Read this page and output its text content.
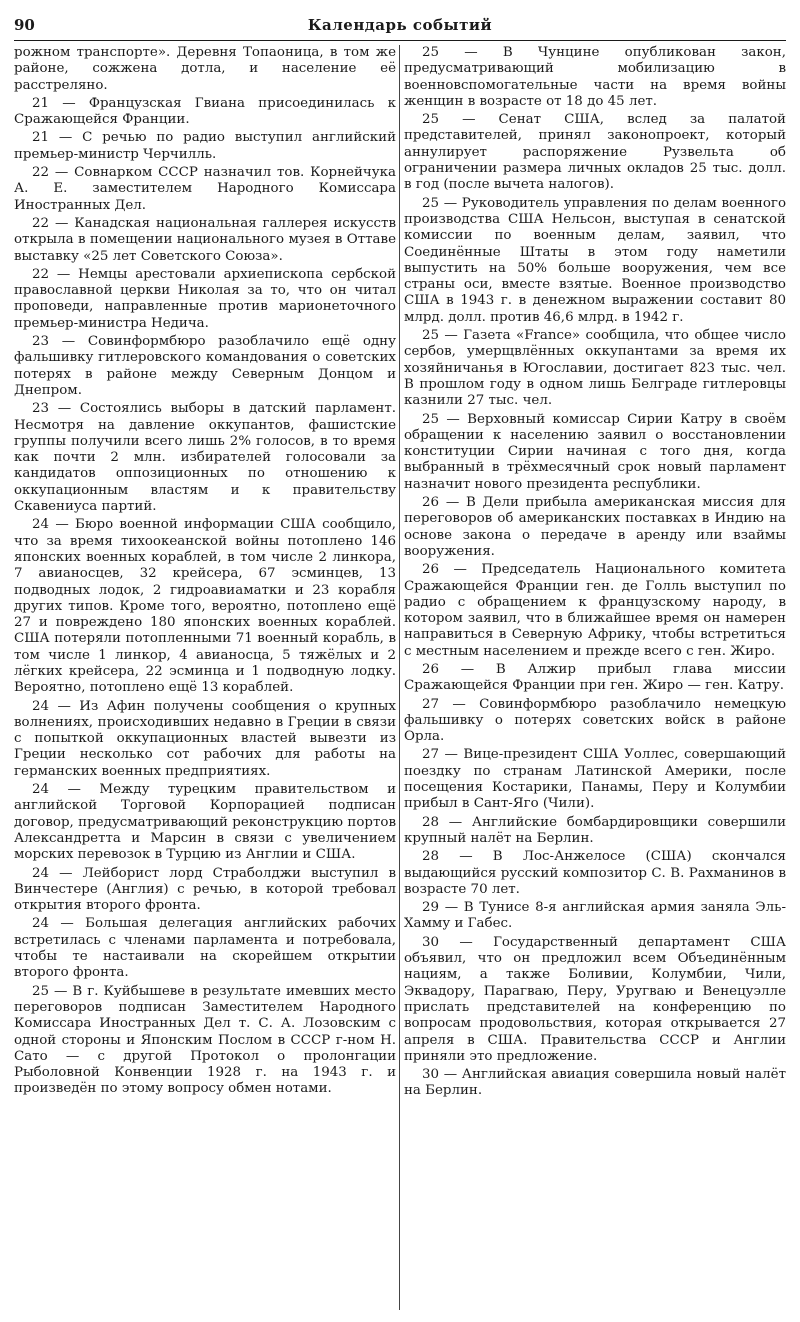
90	Календарь событий

рожном транспорте». Деревня Топаоница, в том же районе, сожжена дотла, и население её расстреляно.

21 — Французская Гвиана присоединилась к Сражающейся Франции.

21 — С речью по радио выступил английский премьер-министр Черчилль.

22 — Совнарком СССР назначил тов. Корнейчука А. Е. заместителем Народного Комиссара Иностранных Дел.

22 — Канадская национальная галлерея искусств открыла в помещении национального музея в Оттаве выставку «25 лет Советского Союза».

22 — Немцы арестовали архиепископа сербской православной церкви Николая за то, что он читал проповеди, направленные против марионеточного премьер-министра Недича.

23 — Совинформбюро разоблачило ещё одну фальшивку гитлеровского командования о советских потерях в районе между Северным Донцом и Днепром.

23 — Состоялись выборы в датский парламент. Несмотря на давление оккупантов, фашистские группы получили всего лишь 2% голосов, в то время как почти 2 млн. избирателей голосовали за кандидатов оппозиционных по отношению к оккупационным властям и к правительству Скавениуса партий.

24 — Бюро военной информации США сообщило, что за время тихоокеанской войны потоплено 146 японских военных кораблей, в том числе 2 линкора, 7 авианосцев, 32 крейсера, 67 эсминцев, 13 подводных лодок, 2 гидроавиаматки и 23 корабля других типов. Кроме того, вероятно, потоплено ещё 27 и повреждено 180 японских военных кораблей. США потеряли потопленными 71 военный корабль, в том числе 1 линкор, 4 авианосца, 5 тяжёлых и 2 лёгких крейсера, 22 эсминца и 1 подводную лодку. Вероятно, потоплено ещё 13 кораблей.

24 — Из Афин получены сообщения о крупных волнениях, происходивших недавно в Греции в связи с попыткой оккупационных властей вывезти из Греции несколько сот рабочих для работы на германских военных предприятиях.

24 — Между турецким правительством и английской Торговой Корпорацией подписан договор, предусматривающий реконструкцию портов Александретта и Марсин в связи с увеличением морских перевозок в Турцию из Англии и США.

24 — Лейборист лорд Страболджи выступил в Винчестере (Англия) с речью, в которой требовал открытия второго фронта.

24 — Большая делегация английских рабочих встретилась с членами парламента и потребовала, чтобы те настаивали на скорейшем открытии второго фронта.

25 — В г. Куйбышеве в результате имевших место переговоров подписан Заместителем Народного Комиссара Иностранных Дел т. С. А. Лозовским с одной стороны и Японским Послом в СССР г-ном Н. Сато — с другой Протокол о пролонгации Рыболовной Конвенции 1928 г. на 1943 г. и произведён по этому вопросу обмен нотами.

25 — В Чунцине опубликован закон, предусматривающий мобилизацию в военновспомогательные части на время войны женщин в возрасте от 18 до 45 лет.

25 — Сенат США, вслед за палатой представителей, принял законопроект, который аннулирует распоряжение Рузвельта об ограничении размера личных окладов 25 тыс. долл. в год (после вычета налогов).

25 — Руководитель управления по делам военного производства США Нельсон, выступая в сенатской комиссии по военным делам, заявил, что Соединённые Штаты в этом году наметили выпустить на 50% больше вооружения, чем все страны оси, вместе взятые. Военное производство США в 1943 г. в денежном выражении составит 80 млрд. долл. против 46,6 млрд. в 1942 г.

25 — Газета «France» сообщила, что общее число сербов, умерщвлённых оккупантами за время их хозяйничанья в Югославии, достигает 823 тыс. чел. В прошлом году в одном лишь Белграде гитлеровцы казнили 27 тыс. чел.

25 — Верховный комиссар Сирии Катру в своём обращении к населению заявил о восстановлении конституции Сирии начиная с того дня, когда выбранный в трёхмесячный срок новый парламент назначит нового президента республики.

26 — В Дели прибыла американская миссия для переговоров об американских поставках в Индию на основе закона о передаче в аренду или взаймы вооружения.

26 — Председатель Национального комитета Сражающейся Франции ген. де Голль выступил по радио с обращением к французскому народу, в котором заявил, что в ближайшее время он намерен направиться в Северную Африку, чтобы встретиться с местным населением и прежде всего с ген. Жиро.

26 — В Алжир прибыл глава миссии Сражающейся Франции при ген. Жиро — ген. Катру.

27 — Совинформбюро разоблачило немецкую фальшивку о потерях советских войск в районе Орла.

27 — Вице-президент США Уоллес, совершающий поездку по странам Латинской Америки, после посещения Костарики, Панамы, Перу и Колумбии прибыл в Сант-Яго (Чили).

28 — Английские бомбардировщики совершили крупный налёт на Берлин.

28 — В Лос-Анжелосе (США) скончался выдающийся русский композитор С. В. Рахманинов в возрасте 70 лет.

29 — В Тунисе 8-я английская армия заняла Эль-Хамму и Габес.

30 — Государственный департамент США объявил, что он предложил всем Объединённым нациям, а также Боливии, Колумбии, Чили, Эквадору, Парагваю, Перу, Уругваю и Венецуэлле прислать представителей на конференцию по вопросам продовольствия, которая открывается 27 апреля в США. Правительства СССР и Англии приняли это предложение.

30 — Английская авиация совершила новый налёт на Берлин.
